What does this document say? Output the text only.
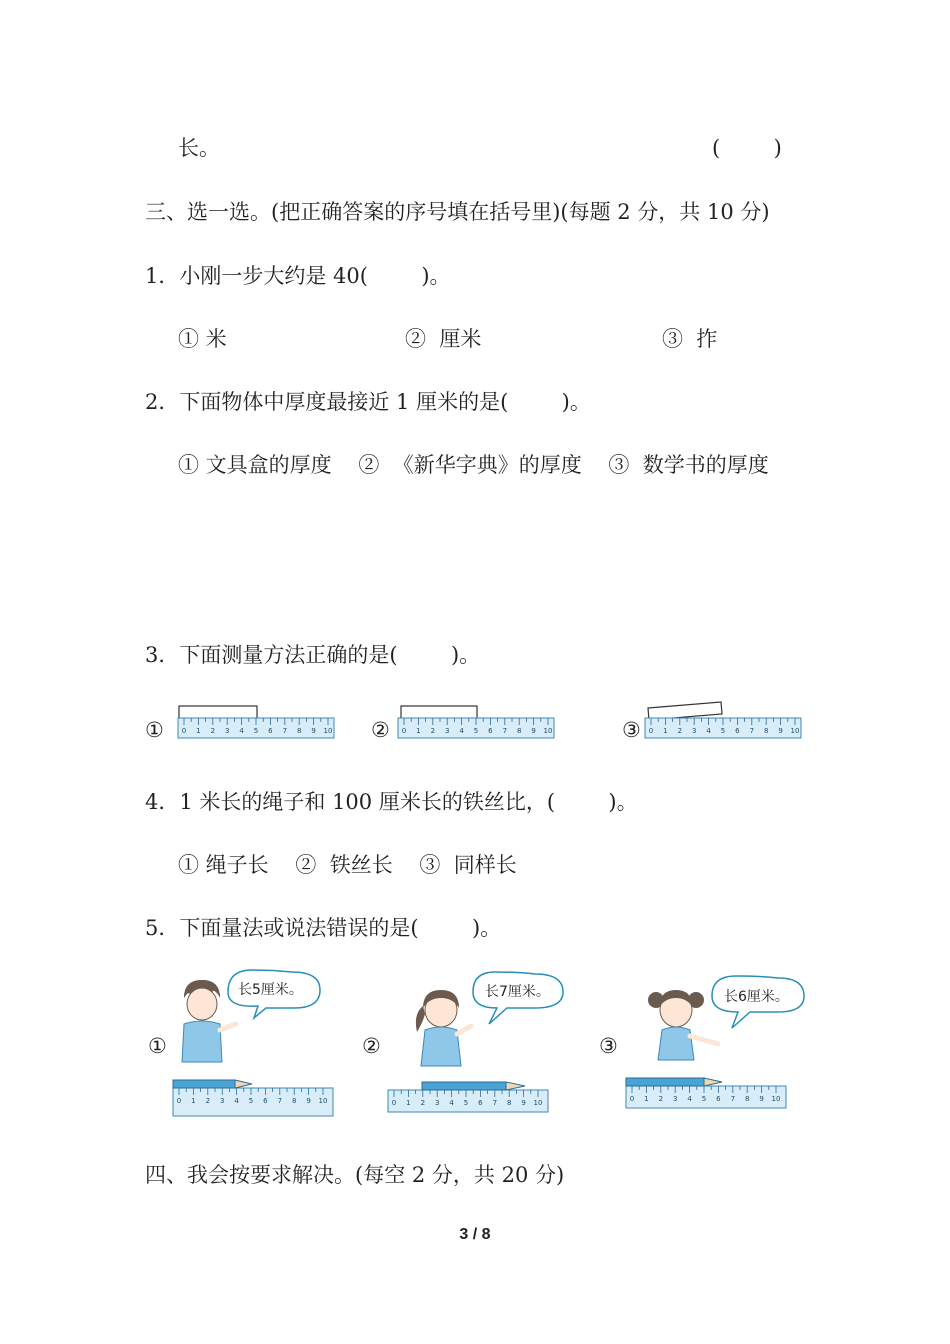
长。	(        )
三、选一选。(把正确答案的序号填在括号里)(每题 2 分，共 10 分)
1．小刚一步大约是 40(        )。
① 米	②  厘米	③  拃
2．下面物体中厚度最接近 1 厘米的是(        )。
① 文具盒的厚度    ②  《新华字典》的厚度    ③  数学书的厚度
3．下面测量方法正确的是(        )。
①	②	③
0 1 2 3 4 5 6 7 8 9 10	0 1 2 3 4 5 6 7 8 9 10	0 1 2 3 4 5 6 7 8 9 10
4．1 米长的绳子和 100 厘米长的铁丝比，(        )。
① 绳子长    ②  铁丝长    ③  同样长
5．下面量法或说法错误的是(        )。
①	②	③
长5厘米。
0 1 2 3 4 5 6 7 8 9 10
长7厘米。
0 1 2 3 4 5 6 7 8 9 10
长6厘米。
0 1 2 3 4 5 6 7 8 9 10
四、我会按要求解决。(每空 2 分，共 20 分)
3 / 8
